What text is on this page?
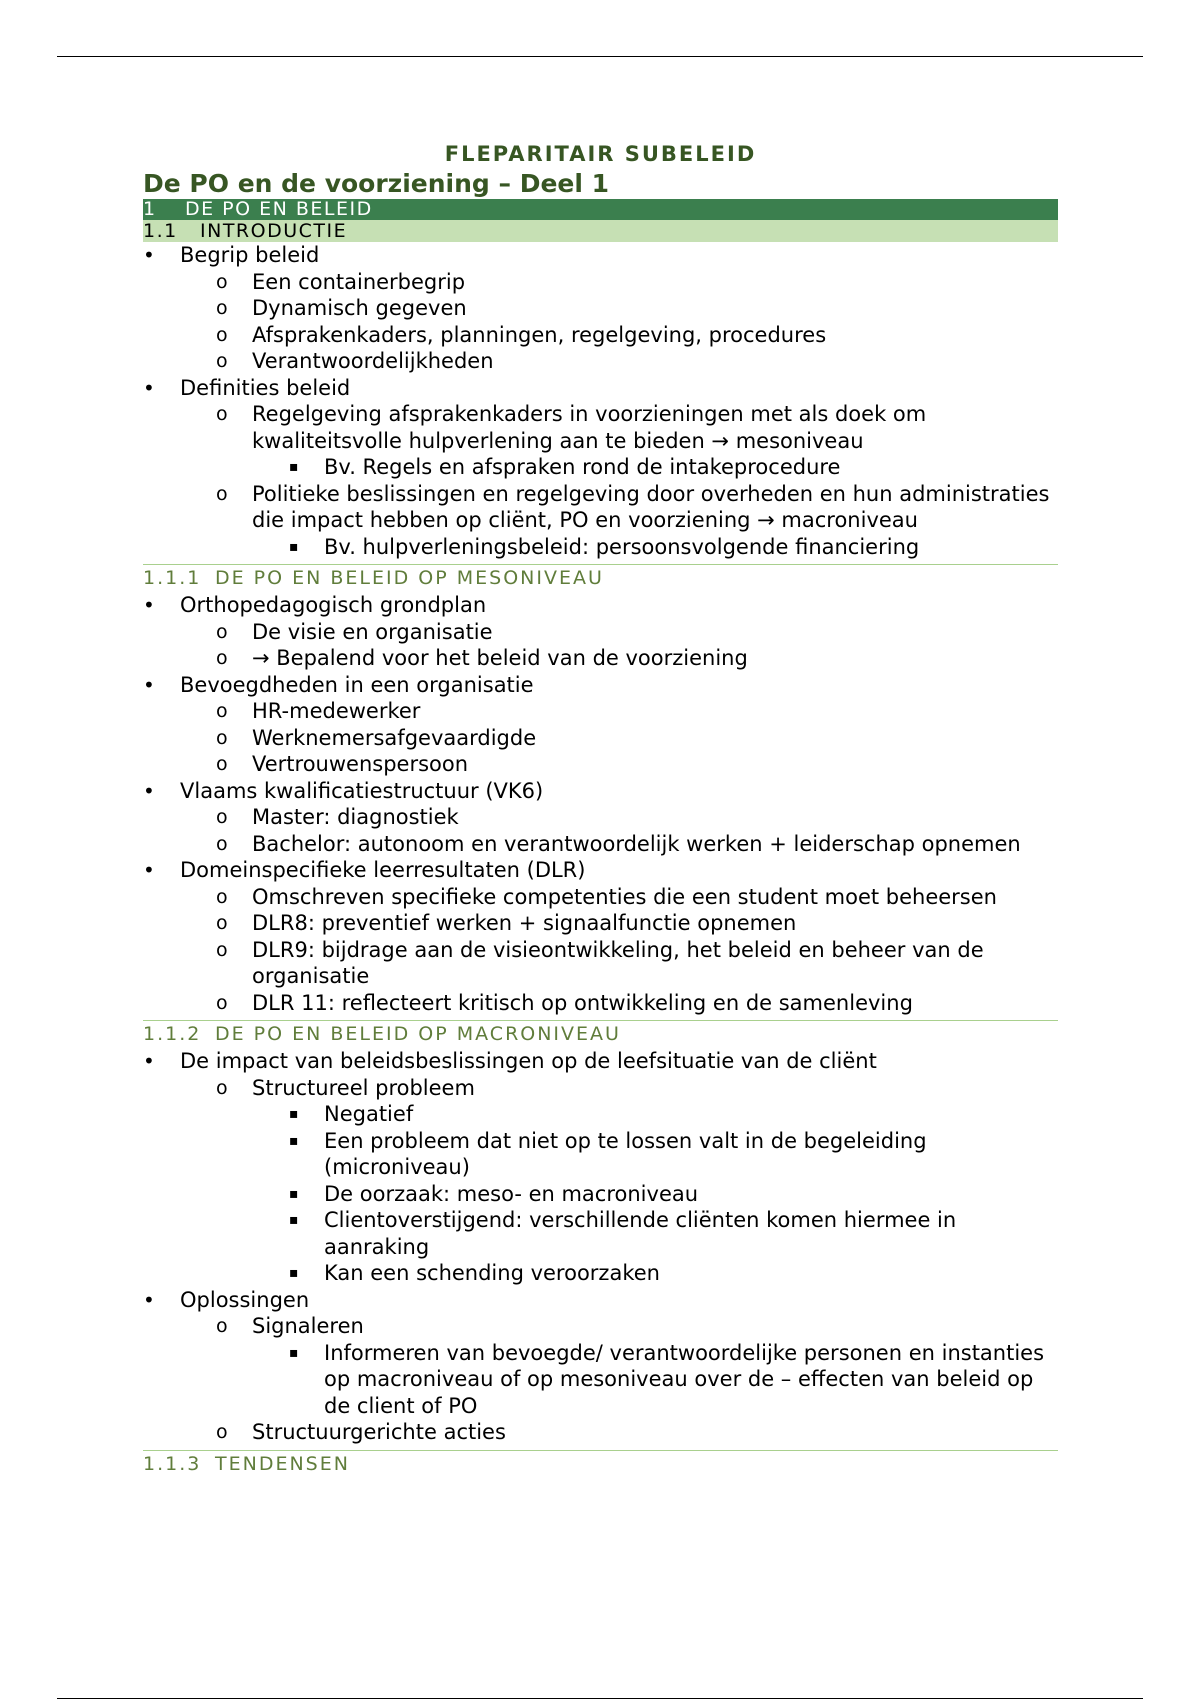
FLEPARITAIR SUBELEID
De PO en de voorziening – Deel 1
1 DE PO EN BELEID
1.1 INTRODUCTIE
• Begrip beleid
o Een containerbegrip
o Dynamisch gegeven
o Afsprakenkaders, planningen, regelgeving, procedures
o Verantwoordelijkheden
• Definities beleid
o Regelgeving afsprakenkaders in voorzieningen met als doek om kwaliteitsvolle hulpverlening aan te bieden → mesoniveau
▪ Bv. Regels en afspraken rond de intakeprocedure
o Politieke beslissingen en regelgeving door overheden en hun administraties die impact hebben op cliënt, PO en voorziening → macroniveau
▪ Bv. hulpverleningsbeleid: persoonsvolgende financiering
1.1.1 DE PO EN BELEID OP MESONIVEAU
• Orthopedagogisch grondplan
o De visie en organisatie
o → Bepalend voor het beleid van de voorziening
• Bevoegdheden in een organisatie
o HR-medewerker
o Werknemersafgevaardigde
o Vertrouwenspersoon
• Vlaams kwalificatiestructuur (VK6)
o Master: diagnostiek
o Bachelor: autonoom en verantwoordelijk werken + leiderschap opnemen
• Domeinspecifieke leerresultaten (DLR)
o Omschreven specifieke competenties die een student moet beheersen
o DLR8: preventief werken + signaalfunctie opnemen
o DLR9: bijdrage aan de visieontwikkeling, het beleid en beheer van de organisatie
o DLR 11: reflecteert kritisch op ontwikkeling en de samenleving
1.1.2 DE PO EN BELEID OP MACRONIVEAU
• De impact van beleidsbeslissingen op de leefsituatie van de cliënt
o Structureel probleem
▪ Negatief
▪ Een probleem dat niet op te lossen valt in de begeleiding (microniveau)
▪ De oorzaak: meso- en macroniveau
▪ Clientoverstijgend: verschillende cliënten komen hiermee in aanraking
▪ Kan een schending veroorzaken
• Oplossingen
o Signaleren
▪ Informeren van bevoegde/ verantwoordelijke personen en instanties op macroniveau of op mesoniveau over de – effecten van beleid op de client of PO
o Structuurgerichte acties
1.1.3 TENDENSEN
